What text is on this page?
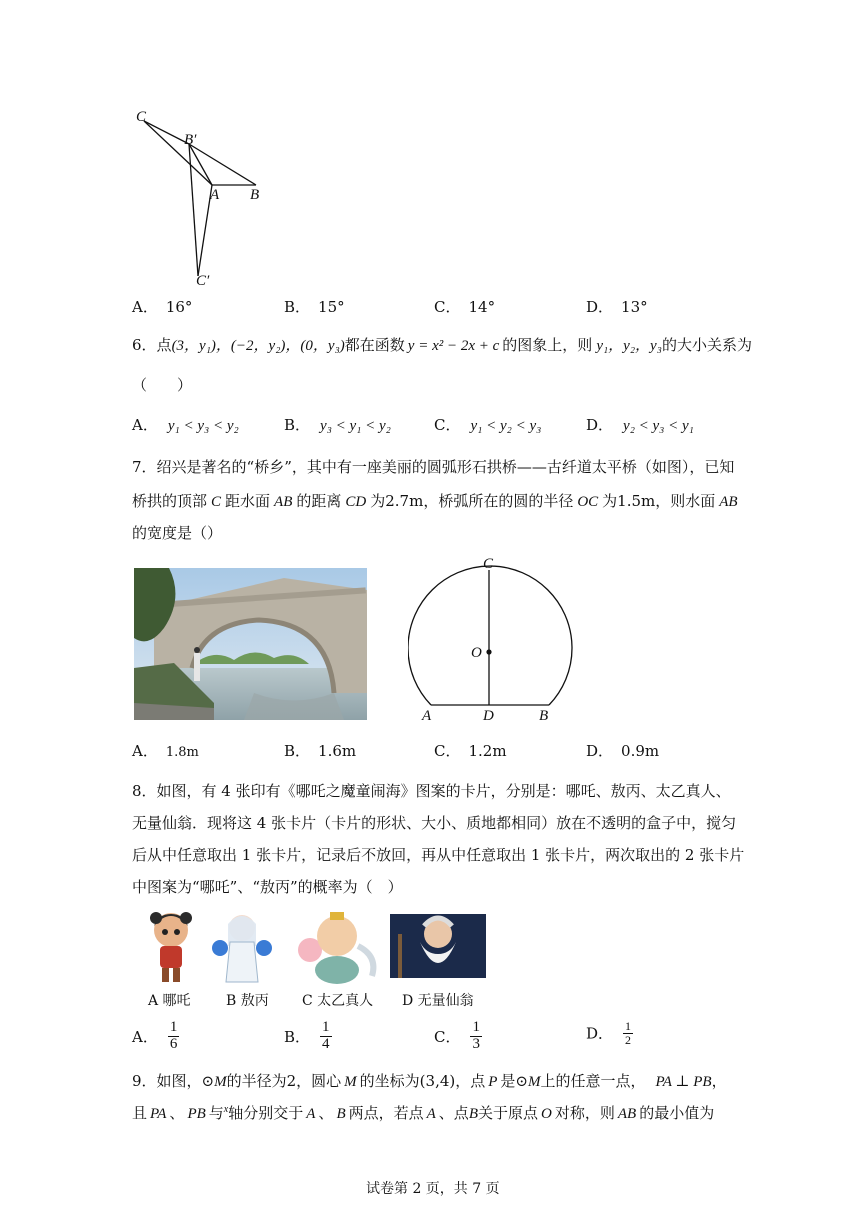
C
B′
A B
C′
A． 16°	B． 15°	C． 14°	D． 13°
6．点(3，y₁)，(−2，y₂)，(0，y₃)都在函数 y = x² − 2x + c 的图象上，则 y₁，y₂，y₃的大小关系为
（　　）
A． y₁ < y₃ < y₂	B． y₃ < y₁ < y₂	C． y₁ < y₂ < y₃	D． y₂ < y₃ < y₁
7．绍兴是著名的“桥乡”，其中有一座美丽的圆弧形石拱桥——古纤道太平桥（如图），已知
桥拱的顶部 C 距水面 AB 的距离 CD 为2.7m，桥弧所在的圆的半径 OC 为1.5m，则水面 AB
的宽度是（）
C
O
A	D	B
A． 1.8m	B． 1.6m	C． 1.2m	D． 0.9m
8．如图，有 4 张印有《哪吒之魔童闹海》图案的卡片，分别是：哪吒、敖丙、太乙真人、
无量仙翁．现将这 4 张卡片（卡片的形状、大小、质地都相同）放在不透明的盒子中，搅匀
后从中任意取出 1 张卡片，记录后不放回，再从中任意取出 1 张卡片，两次取出的 2 张卡片
中图案为“哪吒”、“敖丙”的概率为（　）
A 哪吒	B 敖丙 C 太乙真人 D 无量仙翁
A． $\frac{1}{6}$	B． $\frac{1}{4}$	C． $\frac{1}{3}$	D． $\frac{1}{2}$
9．如图，⊙M的半径为2，圆心 M 的坐标为(3,4)，点 P 是⊙M上的任意一点， PA ⊥ PB，
且 PA 、 PB 与$^x$轴分别交于 A 、 B 两点，若点 A 、点B关于原点 O 对称，则 AB 的最小值为
试卷第 2 页，共 7 页
